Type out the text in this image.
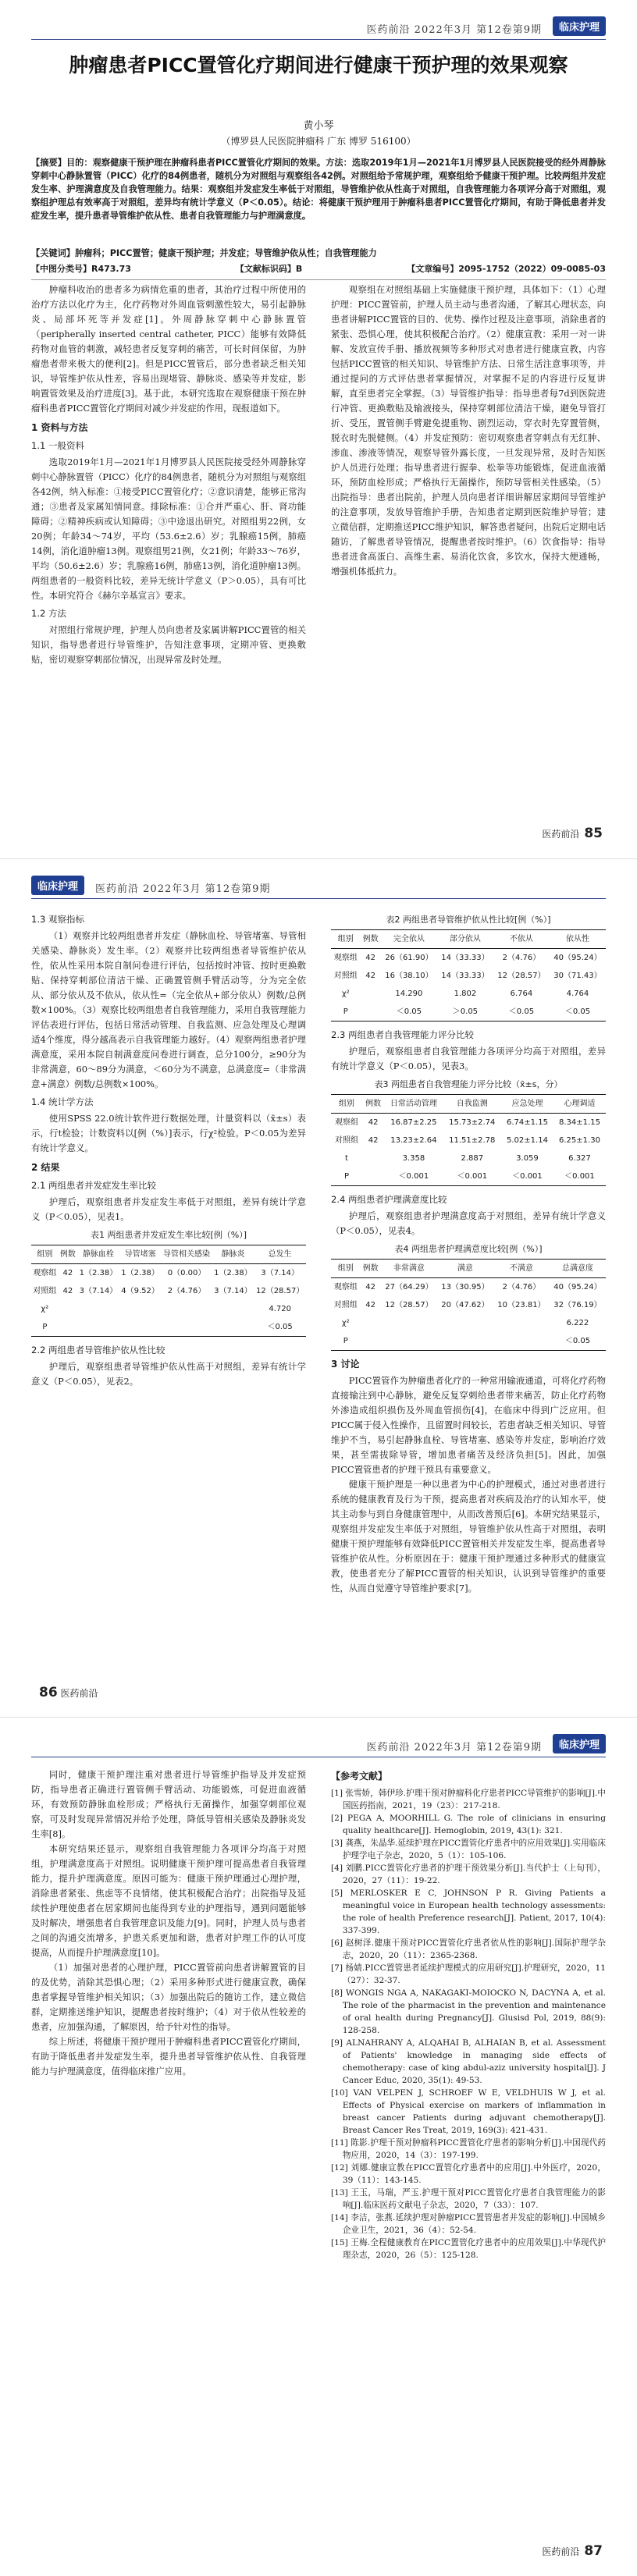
医药前沿 2022年3月 第12卷第9期	临床护理
肿瘤患者PICC置管化疗期间进行健康干预护理的效果观察
黄小琴
（博罗县人民医院肿瘤科 广东 博罗 516100）
【摘要】目的：观察健康干预护理在肿瘤科患者PICC置管化疗期间的效果。方法：选取2019年1月—2021年1月博罗县人民医院接受的经外周静脉穿刺中心静脉置管（PICC）化疗的84例患者，随机分为对照组与观察组各42例。对照组给予常规护理，观察组给予健康干预护理。比较两组并发症发生率、护理满意度及自我管理能力。结果：观察组并发症发生率低于对照组，导管维护依从性高于对照组，自我管理能力各项评分高于对照组，观察组护理总有效率高于对照组，差异均有统计学意义（P＜0.05）。结论：将健康干预护理用于肿瘤科患者PICC置管化疗期间，有助于降低患者并发症发生率，提升患者导管维护依从性、患者自我管理能力与护理满意度。
【关键词】肿瘤科；PICC置管；健康干预护理；并发症；导管维护依从性；自我管理能力
【中图分类号】R473.73	【文献标识码】B	【文章编号】2095-1752（2022）09-0085-03

肿瘤科收治的患者多为病情危重的患者，其治疗过程中所使用的治疗方法以化疗为主，化疗药物对外周血管刺激性较大，易引起静脉炎、局部坏死等并发症[1]。外周静脉穿刺中心静脉置管（peripherally inserted central catheter, PICC）能够有效降低药物对血管的刺激，减轻患者反复穿刺的痛苦，可长时间保留，为肿瘤患者带来极大的便利[2]。但是PICC置管后，部分患者缺乏相关知识，导管维护依从性差，容易出现堵管、静脉炎、感染等并发症，影响置管效果及治疗进度[3]。基于此，本研究选取在观察健康干预在肿瘤科患者PICC置管化疗期间对减少并发症的作用，现报道如下。

1 资料与方法
1.1 一般资料

选取2019年1月—2021年1月博罗县人民医院接受经外周静脉穿刺中心静脉置管（PICC）化疗的84例患者，随机分为对照组与观察组各42例，纳入标准：①接受PICC置管化疗；②意识清楚，能够正常沟通；③患者及家属知情同意。排除标准：①合并严重心、肝、肾功能障碍；②精神疾病或认知障碍；③中途退出研究。对照组男22例，女20例；年龄34～74岁，平均（53.6±2.6）岁；乳腺癌15例，肺癌14例，消化道肿瘤13例。观察组男21例，女21例；年龄33～76岁，平均（50.6±2.6）岁；乳腺癌16例，肺癌13例，消化道肿瘤13例。两组患者的一般资料比较，差异无统计学意义（P＞0.05），具有可比性。本研究符合《赫尔辛基宣言》要求。

1.2 方法

对照组行常规护理，护理人员向患者及家属讲解PICC置管的相关知识，指导患者进行导管维护，告知注意事项，定期冲管、更换敷贴，密切观察穿刺部位情况，出现异常及时处理。

观察组在对照组基础上实施健康干预护理，具体如下：（1）心理护理：PICC置管前，护理人员主动与患者沟通，了解其心理状态，向患者讲解PICC置管的目的、优势、操作过程及注意事项，消除患者的紧张、恐惧心理，使其积极配合治疗。（2）健康宣教：采用一对一讲解、发放宣传手册、播放视频等多种形式对患者进行健康宣教，内容包括PICC置管的相关知识、导管维护方法、日常生活注意事项等，并通过提问的方式评估患者掌握情况，对掌握不足的内容进行反复讲解，直至患者完全掌握。（3）导管维护指导：指导患者每7d到医院进行冲管、更换敷贴及输液接头，保持穿刺部位清洁干燥，避免导管打折、受压，置管侧手臂避免提重物、剧烈运动，穿衣时先穿置管侧，脱衣时先脱健侧。（4）并发症预防：密切观察患者穿刺点有无红肿、渗血、渗液等情况，观察导管外露长度，一旦发现异常，及时告知医护人员进行处理；指导患者进行握拳、松拳等功能锻炼，促进血液循环，预防血栓形成；严格执行无菌操作，预防导管相关性感染。（5）出院指导：患者出院前，护理人员向患者详细讲解居家期间导管维护的注意事项，发放导管维护手册，告知患者定期到医院维护导管；建立微信群，定期推送PICC维护知识，解答患者疑问，出院后定期电话随访，了解患者导管情况，提醒患者按时维护。（6）饮食指导：指导患者进食高蛋白、高维生素、易消化饮食，多饮水，保持大便通畅，增强机体抵抗力。

医药前沿 85
临床护理	医药前沿 2022年3月 第12卷第9期
1.3 观察指标

（1）观察并比较两组患者并发症（静脉血栓、导管堵塞、导管相关感染、静脉炎）发生率。（2）观察并比较两组患者导管维护依从性，依从性采用本院自制问卷进行评估，包括按时冲管、按时更换敷贴、保持穿刺部位清洁干燥、正确置管侧手臂活动等，分为完全依从、部分依从及不依从，依从性=（完全依从+部分依从）例数/总例数×100%。（3）观察比较两组患者自我管理能力，采用自我管理能力评估表进行评估，包括日常活动管理、自我监测、应急处理及心理调适4个维度，得分越高表示自我管理能力越好。（4）观察两组患者护理满意度，采用本院自制满意度问卷进行调查，总分100分，≥90分为非常满意，60～89分为满意，＜60分为不满意，总满意度=（非常满意+满意）例数/总例数×100%。

1.4 统计学方法

使用SPSS 22.0统计软件进行数据处理，计量资料以（x̄±s）表示，行t检验；计数资料以[例（%）]表示，行χ²检验。P＜0.05为差异有统计学意义。

2 结果
2.1 两组患者并发症发生率比较

护理后，观察组患者并发症发生率低于对照组，差异有统计学意义（P＜0.05），见表1。

表1 两组患者并发症发生率比较[例（%）]
组别	例数	静脉血栓	导管堵塞	导管相关感染	静脉炎	总发生
观察组	42	1（2.38）	1（2.38）	0（0.00）	1（2.38）	3（7.14）
对照组	42	3（7.14）	4（9.52）	2（4.76）	3（7.14）	12（28.57）
χ²						4.720
P						＜0.05
2.2 两组患者导管维护依从性比较

护理后，观察组患者导管维护依从性高于对照组，差异有统计学意义（P＜0.05），见表2。

表2 两组患者导管维护依从性比较[例（%）]
组别	例数	完全依从	部分依从	不依从	依从性
观察组	42	26（61.90）	14（33.33）	2（4.76）	40（95.24）
对照组	42	16（38.10）	14（33.33）	12（28.57）	30（71.43）
χ²		14.290	1.802	6.764	4.764
P		＜0.05	＞0.05	＜0.05	＜0.05
2.3 两组患者自我管理能力评分比较

护理后，观察组患者自我管理能力各项评分均高于对照组，差异有统计学意义（P＜0.05），见表3。

表3 两组患者自我管理能力评分比较（x̄±s，分）
组别	例数	日常活动管理	自我监测	应急处理	心理调适
观察组	42	16.87±2.25	15.73±2.74	6.74±1.15	8.34±1.15
对照组	42	13.23±2.64	11.51±2.78	5.02±1.14	6.25±1.30
t		3.358	2.887	3.059	6.327
P		＜0.001	＜0.001	＜0.001	＜0.001
2.4 两组患者护理满意度比较

护理后，观察组患者护理满意度高于对照组，差异有统计学意义（P＜0.05），见表4。

表4 两组患者护理满意度比较[例（%）]
组别	例数	非常满意	满意	不满意	总满意度
观察组	42	27（64.29）	13（30.95）	2（4.76）	40（95.24）
对照组	42	12（28.57）	20（47.62）	10（23.81）	32（76.19）
χ²					6.222
P					＜0.05
3 讨论

PICC置管作为肿瘤患者化疗的一种常用输液通道，可将化疗药物直接输注到中心静脉，避免反复穿刺给患者带来痛苦，防止化疗药物外渗造成组织损伤及外周血管损伤[4]，在临床中得到广泛应用。但PICC属于侵入性操作，且留置时间较长，若患者缺乏相关知识、导管维护不当，易引起静脉血栓、导管堵塞、感染等并发症，影响治疗效果，甚至需拔除导管，增加患者痛苦及经济负担[5]。因此，加强PICC置管患者的护理干预具有重要意义。

健康干预护理是一种以患者为中心的护理模式，通过对患者进行系统的健康教育及行为干预，提高患者对疾病及治疗的认知水平，使其主动参与到自身健康管理中，从而改善预后[6]。本研究结果显示，观察组并发症发生率低于对照组，导管维护依从性高于对照组，表明健康干预护理能够有效降低PICC置管相关并发症发生率，提高患者导管维护依从性。分析原因在于：健康干预护理通过多种形式的健康宣教，使患者充分了解PICC置管的相关知识，认识到导管维护的重要性，从而自觉遵守导管维护要求[7]。

86 医药前沿
医药前沿 2022年3月 第12卷第9期	临床护理

同时，健康干预护理注重对患者进行导管维护指导及并发症预防，指导患者正确进行置管侧手臂活动、功能锻炼，可促进血液循环，有效预防静脉血栓形成；严格执行无菌操作，加强穿刺部位观察，可及时发现异常情况并给予处理，降低导管相关感染及静脉炎发生率[8]。

本研究结果还显示，观察组自我管理能力各项评分均高于对照组，护理满意度高于对照组。说明健康干预护理可提高患者自我管理能力，提升护理满意度。原因可能为：健康干预护理通过心理护理，消除患者紧张、焦虑等不良情绪，使其积极配合治疗；出院指导及延续性护理使患者在居家期间也能得到专业的护理指导，遇到问题能够及时解决，增强患者自我管理意识及能力[9]。同时，护理人员与患者之间的沟通交流增多，护患关系更加和谐，患者对护理工作的认可度提高，从而提升护理满意度[10]。

（1）加强对患者的心理护理，PICC置管前向患者讲解置管的目的及优势，消除其恐惧心理；（2）采用多种形式进行健康宣教，确保患者掌握导管维护相关知识；（3）加强出院后的随访工作，建立微信群，定期推送维护知识，提醒患者按时维护；（4）对于依从性较差的患者，应加强沟通，了解原因，给予针对性的指导。

综上所述，将健康干预护理用于肿瘤科患者PICC置管化疗期间，有助于降低患者并发症发生率，提升患者导管维护依从性、自我管理能力与护理满意度，值得临床推广应用。

【参考文献】

[1] 张雪娇，韩伊珍.护理干预对肿瘤科化疗患者PICC导管维护的影响[J].中国医药指南，2021，19（23）：217-218.

[2] PEGA A, MOORHILL G. The role of clinicians in ensuring quality healthcare[J]. Hemoglobin, 2019, 43(1): 321.

[3] 龚燕，朱晶华.延续护理在PICC置管化疗患者中的应用效果[J].实用临床护理学电子杂志，2020，5（1）：105-106.

[4] 刘鹏.PICC置管化疗患者的护理干预效果分析[J].当代护士（上旬刊），2020，27（11）：19-22.

[5] MERLOSKER E C, JOHNSON P R. Giving Patients a meaningful voice in European health technology assessments: the role of health Preference research[J]. Patient, 2017, 10(4): 337-399.

[6] 赵树泽.健康干预对PICC置管化疗患者依从性的影响[J].国际护理学杂志，2020，20（11）：2365-2368.

[7] 杨婧.PICC置管患者延续护理模式的应用研究[J].护理研究，2020，11（27）：32-37.

[8] WONGIS NGA A, NAKAGAKI-MOIOCKO N, DACYNA A, et al. The role of the pharmacist in the prevention and maintenance of oral health during Pregnancy[J]. Glusisd Pol, 2019, 88(9): 128-258.

[9] ALNAHRANY A, ALQAHAI B, ALHAIAN B, et al. Assessment of Patients' knowledge in managing side effects of chemotherapy: case of king abdul-aziz university hospital[J]. J Cancer Educ, 2020, 35(1): 49-53.

[10] VAN VELPEN J, SCHROEF W E, VELDHUIS W J, et al. Effects of Physical exercise on markers of inflammation in breast cancer Patients during adjuvant chemotherapy[J]. Breast Cancer Res Treat, 2019, 169(3): 421-431.

[11] 陈影.护理干预对肿瘤科PICC置管化疗患者的影响分析[J].中国现代药物应用，2020，14（3）：197-199.

[12] 刘娜.健康宣教在PICC置管化疗患者中的应用[J].中外医疗，2020，39（11）：143-145.

[13] 王玉，马瑞，严玉.护理干预对PICC置管化疗患者自我管理能力的影响[J].临床医药文献电子杂志，2020，7（33）：107.

[14] 李洁，张燕.延续护理对肿瘤PICC置管患者并发症的影响[J].中国城乡企业卫生，2021，36（4）：52-54.

[15] 王梅.全程健康教育在PICC置管化疗患者中的应用效果[J].中华现代护理杂志，2020，26（5）：125-128.

医药前沿 87
